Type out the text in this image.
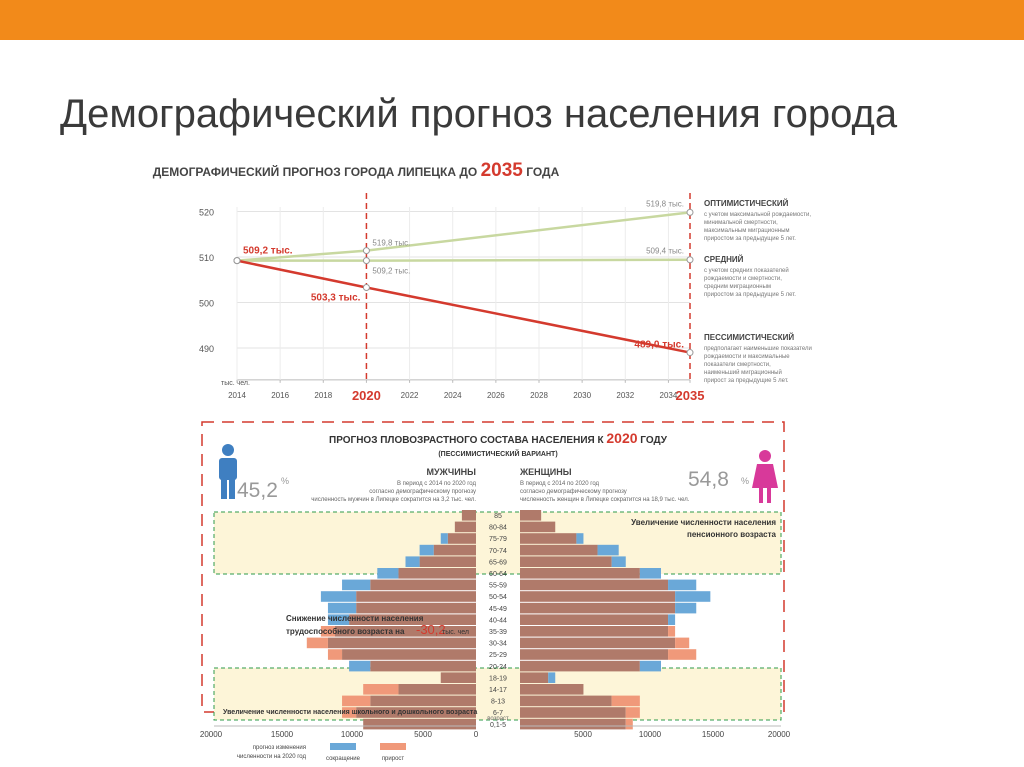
Демографический прогноз населения города
ДЕМОГРАФИЧЕСКИЙ ПРОГНОЗ ГОРОДА ЛИПЕЦКА ДО 2035 ГОДА
520
510
500
490
тыс. чел.
2014	2016	2018 2020 2022	2024	2026	2028	2030	2032	2034
2035
519,8 тыс.
519,8 тыс.
509,2 тыс.
509,4 тыс.
509,2 тыс.
503,3 тыс.
489,0 тыс.
ОПТИМИСТИЧЕСКИЙ
с учетом максимальной рождаемости,
минимальной смертности,
максимальным миграционным
приростом за предыдущие 5 лет.
СРЕДНИЙ
с учетом средних показателей
рождаемости и смертности,
средним миграционным
приростом за предыдущие 5 лет.
ПЕССИМИСТИЧЕСКИЙ
предполагает наименьшие показатели
рождаемости и максимальные
показатели смертности,
наименьший миграционный
прирост за предыдущие 5 лет.
ПРОГНОЗ ПЛОВОЗРАСТНОГО СОСТАВА НАСЕЛЕНИЯ К 2020 ГОДУ
(ПЕССИМИСТИЧЕСКИЙ ВАРИАНТ)
45,2 %	54,8 %
МУЖЧИНЫ
В период с 2014 по 2020 год
согласно демографическому прогнозу
численность мужчин в Липецке сократится на 3,2 тыс. чел.
ЖЕНЩИНЫ
В период с 2014 по 2020 год
согласно демографическому прогнозу
численность женщин в Липецке сократится на 18,9 тыс. чел.
85
80-84
75-79
70-74
65-69
60-64
55-59
50-54
45-49
40-44
35-39
30-34
25-29
20-24
18-19
14-17
8-13
6-7
0,1-5
возраст
Увеличение численности населения
пенсионного возраста
Снижение численности населения
трудоспособного возраста на -30,2
тыс. чел
Увеличение численности населения школьного и дошкольного возраста
20000	15000	10000	5000	0	5000	10000	15000	20000
прогноз изменения
численности на 2020 год	сокращение	прирост
